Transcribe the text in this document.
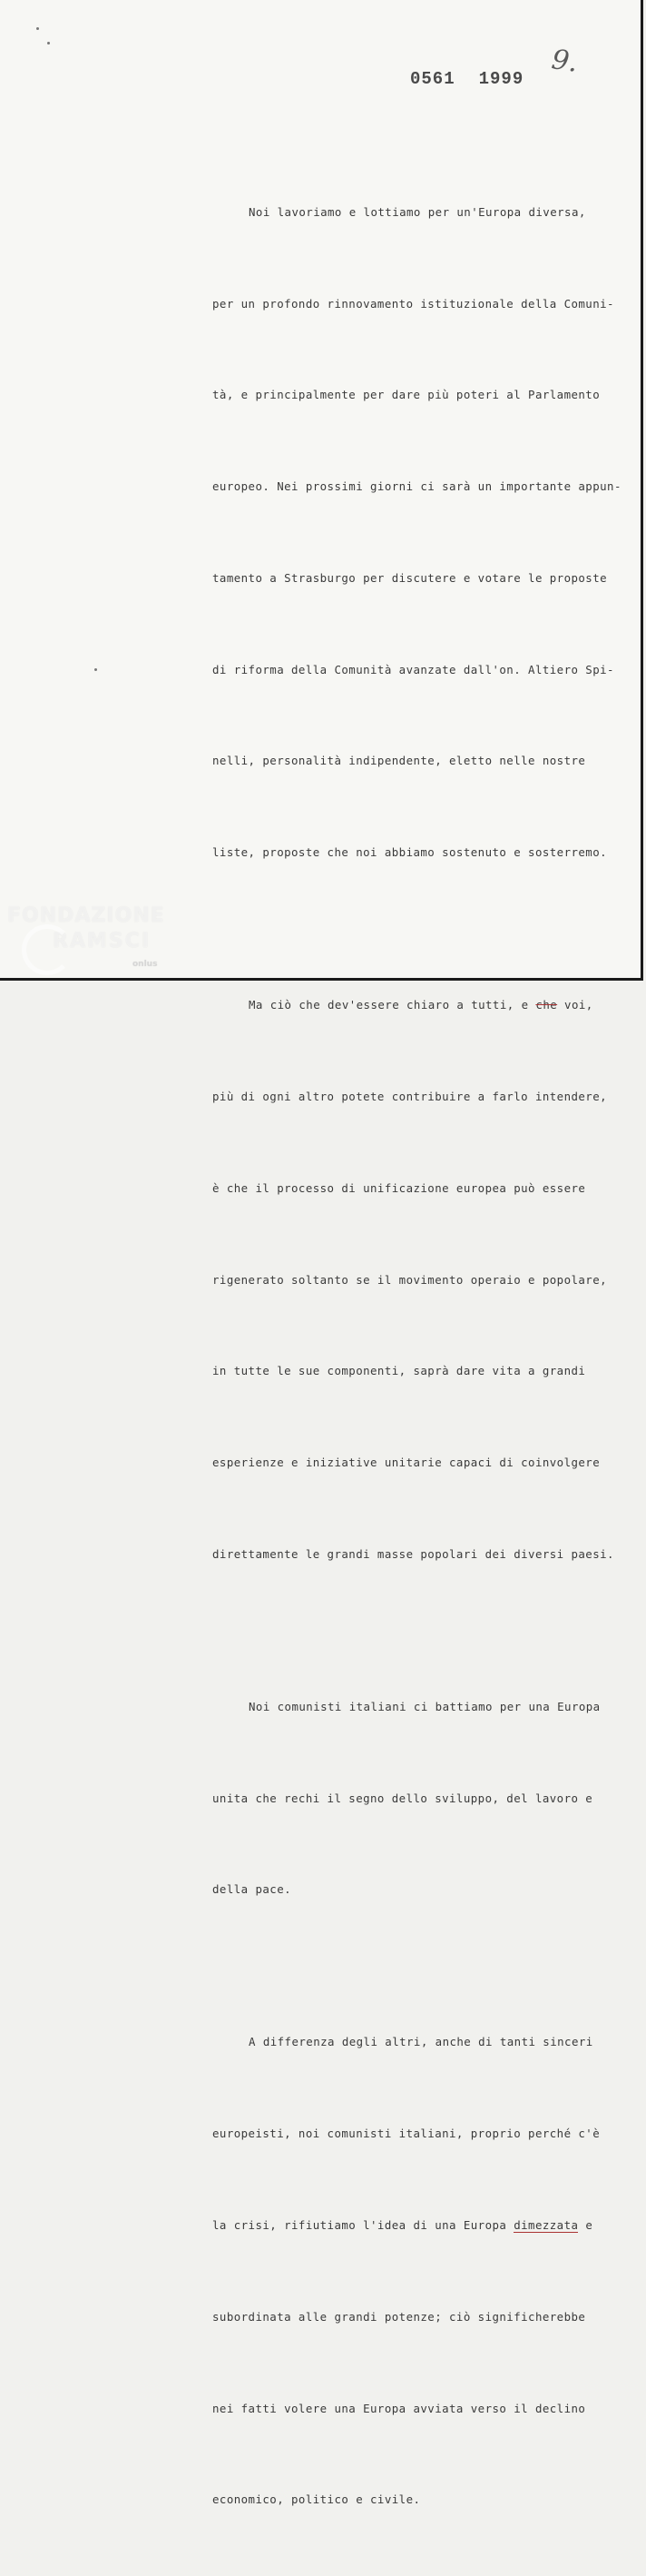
0561 1999
9.

Noi lavoriamo e lottiamo per un'Europa diversa,

per un profondo rinnovamento istituzionale della Comuni-

tà, e principalmente per dare più poteri al Parlamento

europeo. Nei prossimi giorni ci sarà un importante appun-

tamento a Strasburgo per discutere e votare le proposte

di riforma della Comunità avanzate dall'on. Altiero Spi-

nelli, personalità indipendente, eletto nelle nostre

liste, proposte che noi abbiamo sostenuto e sosterremo.

Ma ciò che dev'essere chiaro a tutti, e che voi,

più di ogni altro potete contribuire a farlo intendere,

è che il processo di unificazione europea può essere

rigenerato soltanto se il movimento operaio e popolare,

in tutte le sue componenti, saprà dare vita a grandi

esperienze e iniziative unitarie capaci di coinvolgere

direttamente le grandi masse popolari dei diversi paesi.

Noi comunisti italiani ci battiamo per una Europa

unita che rechi il segno dello sviluppo, del lavoro e

della pace.

A differenza degli altri, anche di tanti sinceri

europeisti, noi comunisti italiani, proprio perché c'è

la crisi, rifiutiamo l'idea di una Europa dimezzata e

subordinata alle grandi potenze; ciò significherebbe

nei fatti volere una Europa avviata verso il declino

economico, politico e civile.

FONDAZIONE
RAMSCI
onlus
